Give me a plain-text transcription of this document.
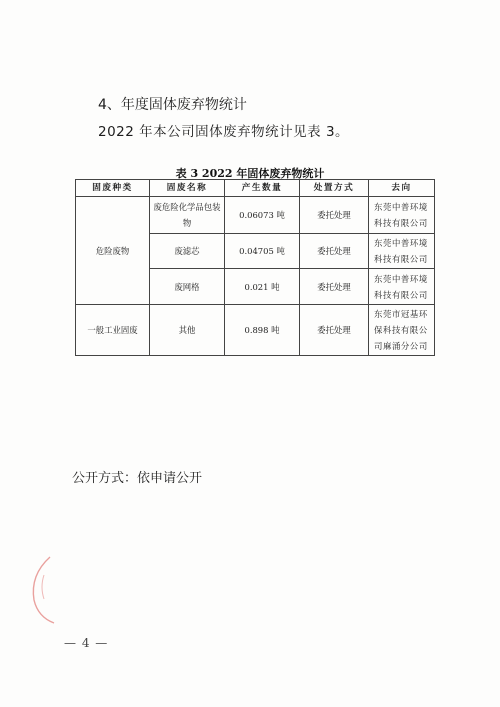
4、年度固体废弃物统计
2022 年本公司固体废弃物统计见表 3。
表 3 2022 年固体废弃物统计
固废种类	固废名称	产生数量	处置方式	去向
危险废物	废危险化学品包装物	0.06073 吨	委托处理	东莞中普环境科技有限公司
	废滤芯	0.04705 吨	委托处理	东莞中普环境科技有限公司
	废网格	0.021 吨	委托处理	东莞中普环境科技有限公司
一般工业固废	其他	0.898 吨	委托处理	东莞市冠基环保科技有限公司麻涌分公司
公开方式：依申请公开
— 4 —
